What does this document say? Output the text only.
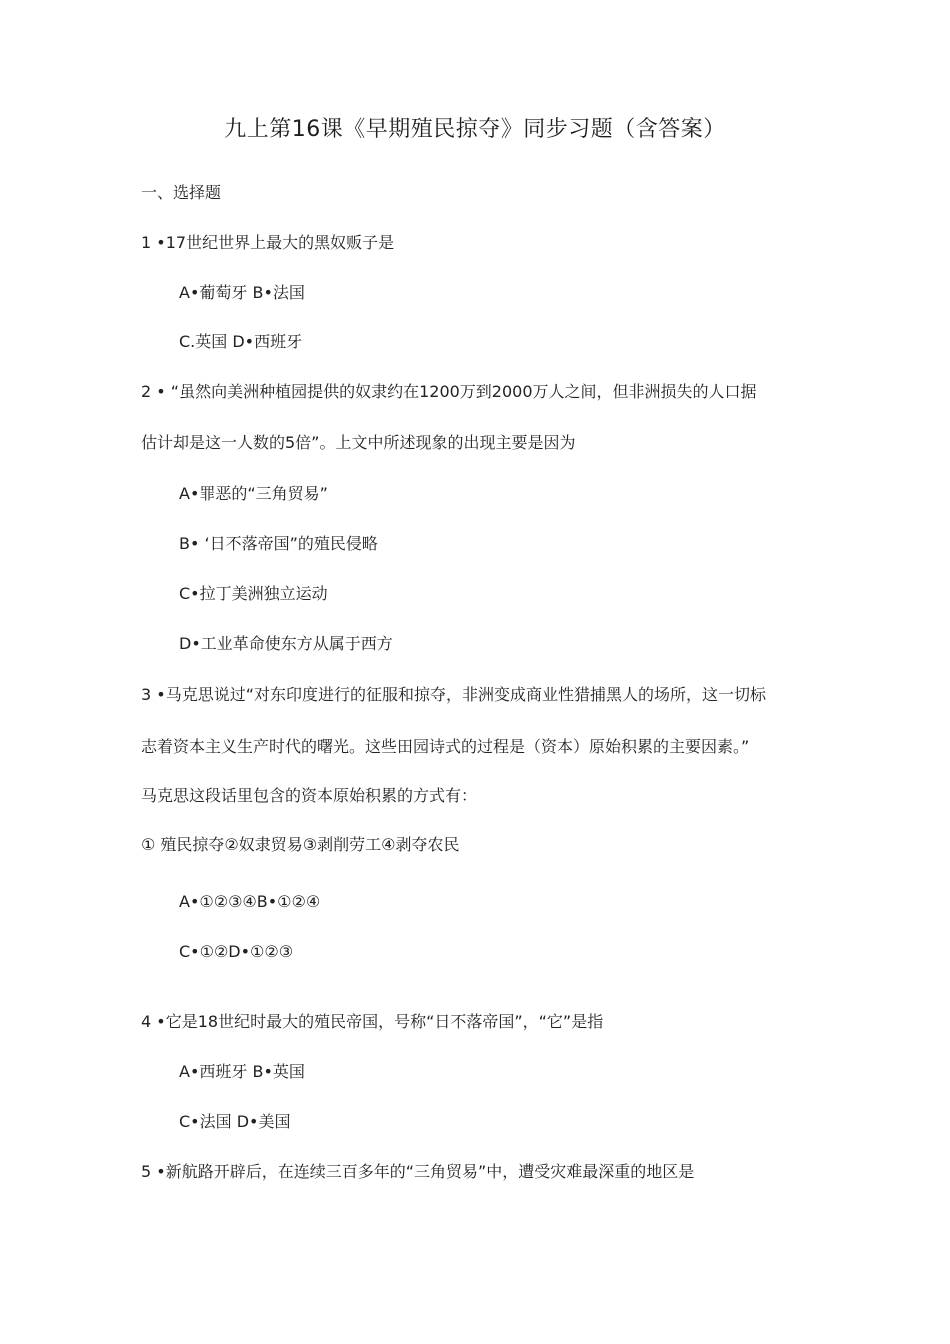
九上第16课《早期殖民掠夺》同步习题（含答案）
一、选择题
1 •17世纪世界上最大的黑奴贩子是
A•葡萄牙 B•法国
C.英国 D•西班牙
2 • “虽然向美洲种植园提供的奴隶约在1200万到2000万人之间，但非洲损失的人口据
估计却是这一人数的5倍”。上文中所述现象的出现主要是因为
A•罪恶的“三角贸易”
B• ‘日不落帝国”的殖民侵略
C•拉丁美洲独立运动
D•工业革命使东方从属于西方
3 •马克思说过“对东印度进行的征服和掠夺，非洲变成商业性猎捕黑人的场所，这一切标
志着资本主义生产时代的曙光。这些田园诗式的过程是（资本）原始积累的主要因素。”
马克思这段话里包含的资本原始积累的方式有：
① 殖民掠夺②奴隶贸易③剥削劳工④剥夺农民
A•①②③④B•①②④
C•①②D•①②③
4 •它是18世纪时最大的殖民帝国，号称“日不落帝国”，“它”是指
A•西班牙 B•英国
C•法国 D•美国
5 •新航路开辟后，在连续三百多年的“三角贸易”中，遭受灾难最深重的地区是
